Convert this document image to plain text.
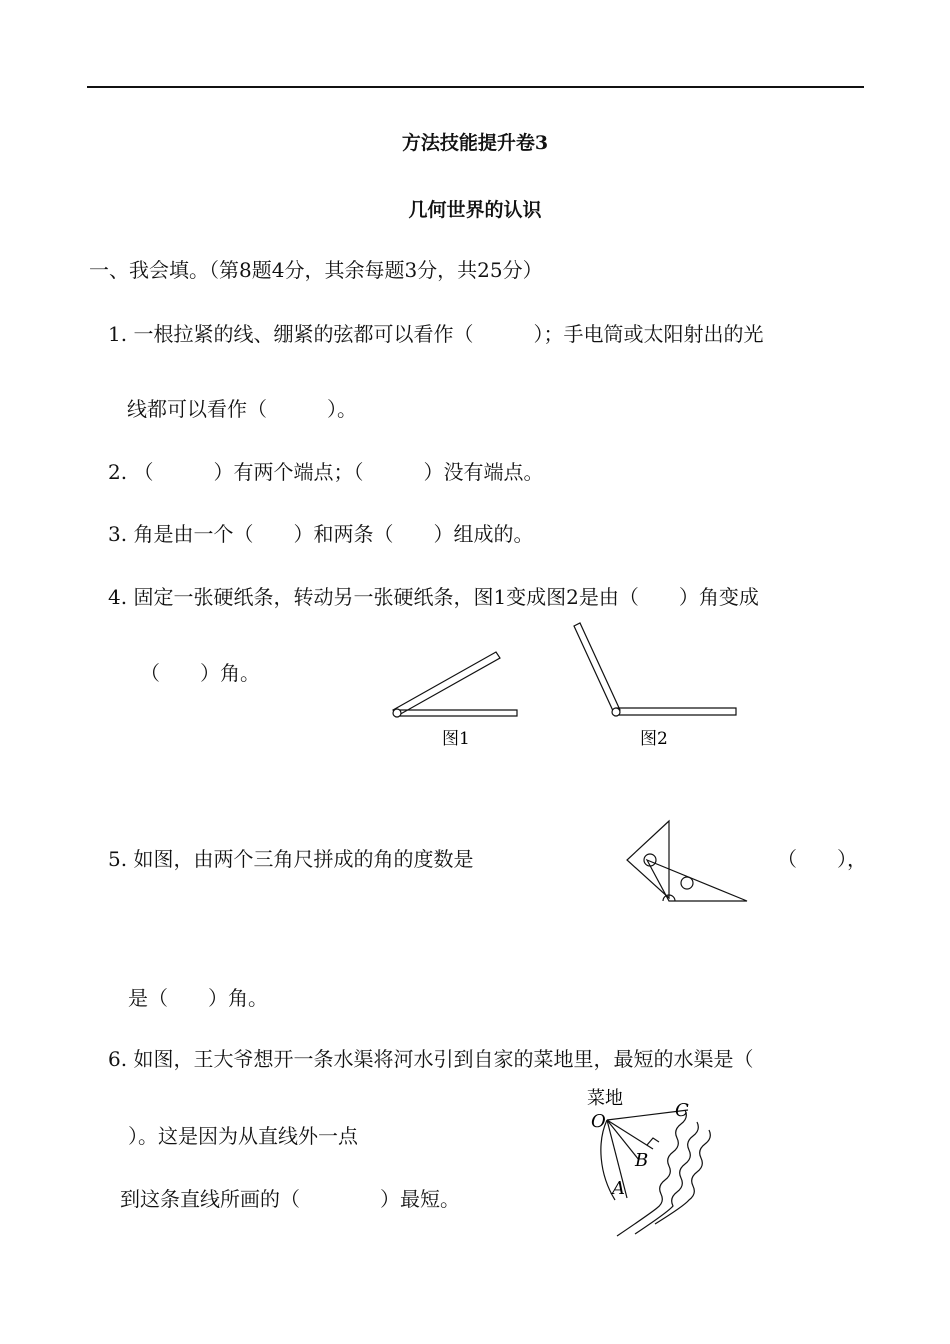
方法技能提升卷3
几何世界的认识
一、我会填。（第8题4分，其余每题3分，共25分）
1. 一根拉紧的线、绷紧的弦都可以看作（　　　）；手电筒或太阳射出的光
线都可以看作（　　　）。
2. （　　　）有两个端点；（　　　）没有端点。
3. 角是由一个（　　）和两条（　　）组成的。
4. 固定一张硬纸条，转动另一张硬纸条，图1变成图2是由（　　）角变成
（　　）角。
图1	图2
5. 如图，由两个三角尺拼成的角的度数是	（　　），
是（　　）角。
6. 如图，王大爷想开一条水渠将河水引到自家的菜地里，最短的水渠是（
）。这是因为从直线外一点
到这条直线所画的（　　　　）最短。
菜地
O
C
B
A
